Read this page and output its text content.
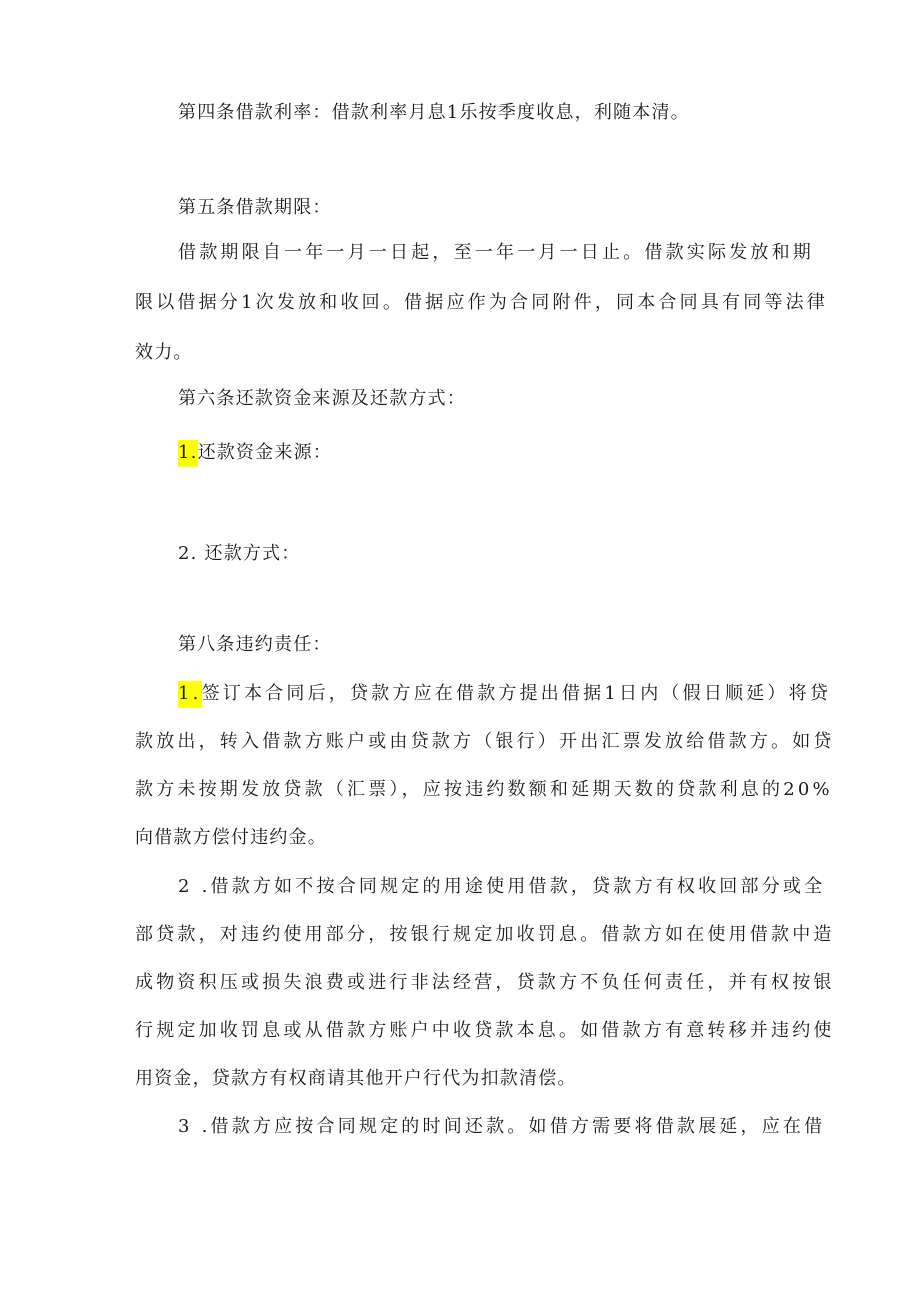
第四条借款利率：借款利率月息1乐按季度收息，利随本清。
第五条借款期限：
借款期限自一年一月一日起，至一年一月一日止。借款实际发放和期
限以借据分1次发放和收回。借据应作为合同附件，同本合同具有同等法律
效力。
第六条还款资金来源及还款方式：
1.还款资金来源：
2. 还款方式：
第八条违约责任：
1.签订本合同后，贷款方应在借款方提出借据1日内（假日顺延）将贷
款放出，转入借款方账户或由贷款方（银行）开出汇票发放给借款方。如贷
款方未按期发放贷款（汇票），应按违约数额和延期天数的贷款利息的20%
向借款方偿付违约金。
2 .借款方如不按合同规定的用途使用借款，贷款方有权收回部分或全
部贷款，对违约使用部分，按银行规定加收罚息。借款方如在使用借款中造
成物资积压或损失浪费或进行非法经营，贷款方不负任何责任，并有权按银
行规定加收罚息或从借款方账户中收贷款本息。如借款方有意转移并违约使
用资金，贷款方有权商请其他开户行代为扣款清偿。
3 .借款方应按合同规定的时间还款。如借方需要将借款展延，应在借
